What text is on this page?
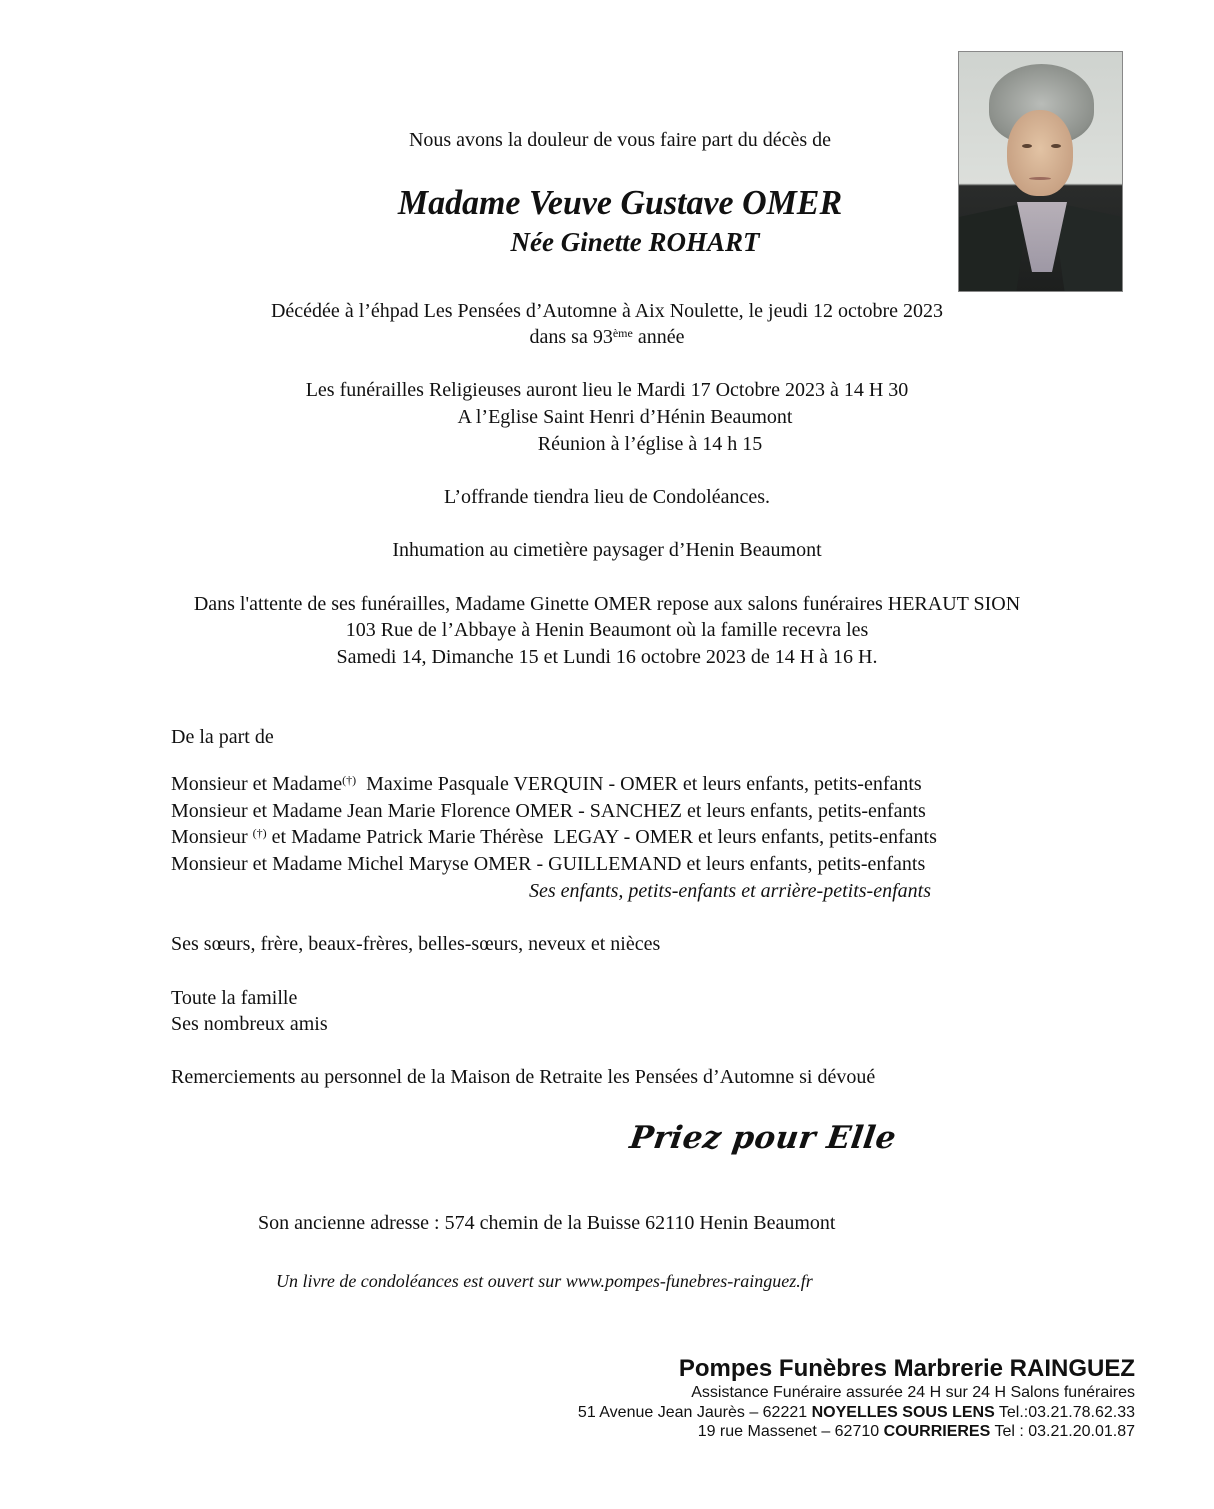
Nous avons la douleur de vous faire part du décès de
Madame Veuve Gustave OMER
Née Ginette ROHART
Décédée à l’éhpad Les Pensées d’Automne à Aix Noulette, le jeudi 12 octobre 2023
dans sa 93ème année
Les funérailles Religieuses auront lieu le Mardi 17 Octobre 2023 à 14 H 30
A l’Eglise Saint Henri d’Hénin Beaumont
Réunion à l’église à 14 h 15
L’offrande tiendra lieu de Condoléances.
Inhumation au cimetière paysager d’Henin Beaumont
Dans l'attente de ses funérailles, Madame Ginette OMER repose aux salons funéraires HERAUT SION
103 Rue de l’Abbaye à Henin Beaumont où la famille recevra les
Samedi 14, Dimanche 15 et Lundi 16 octobre 2023 de 14 H à 16 H.
De la part de
Monsieur et Madame(†)  Maxime Pasquale VERQUIN - OMER et leurs enfants, petits-enfants
Monsieur et Madame Jean Marie Florence OMER - SANCHEZ et leurs enfants, petits-enfants
Monsieur (†) et Madame Patrick Marie Thérèse  LEGAY - OMER et leurs enfants, petits-enfants
Monsieur et Madame Michel Maryse OMER - GUILLEMAND et leurs enfants, petits-enfants
Ses enfants, petits-enfants et arrière-petits-enfants
Ses sœurs, frère, beaux-frères, belles-sœurs, neveux et nièces
Toute la famille
Ses nombreux amis
Remerciements au personnel de la Maison de Retraite les Pensées d’Automne si dévoué
Priez pour Elle
Son ancienne adresse : 574 chemin de la Buisse 62110 Henin Beaumont
Un livre de condoléances est ouvert sur www.pompes-funebres-rainguez.fr
Pompes Funèbres Marbrerie RAINGUEZ
Assistance Funéraire assurée 24 H sur 24 H Salons funéraires
51 Avenue Jean Jaurès – 62221 NOYELLES SOUS LENS Tel.:03.21.78.62.33
19 rue Massenet – 62710 COURRIERES Tel : 03.21.20.01.87
